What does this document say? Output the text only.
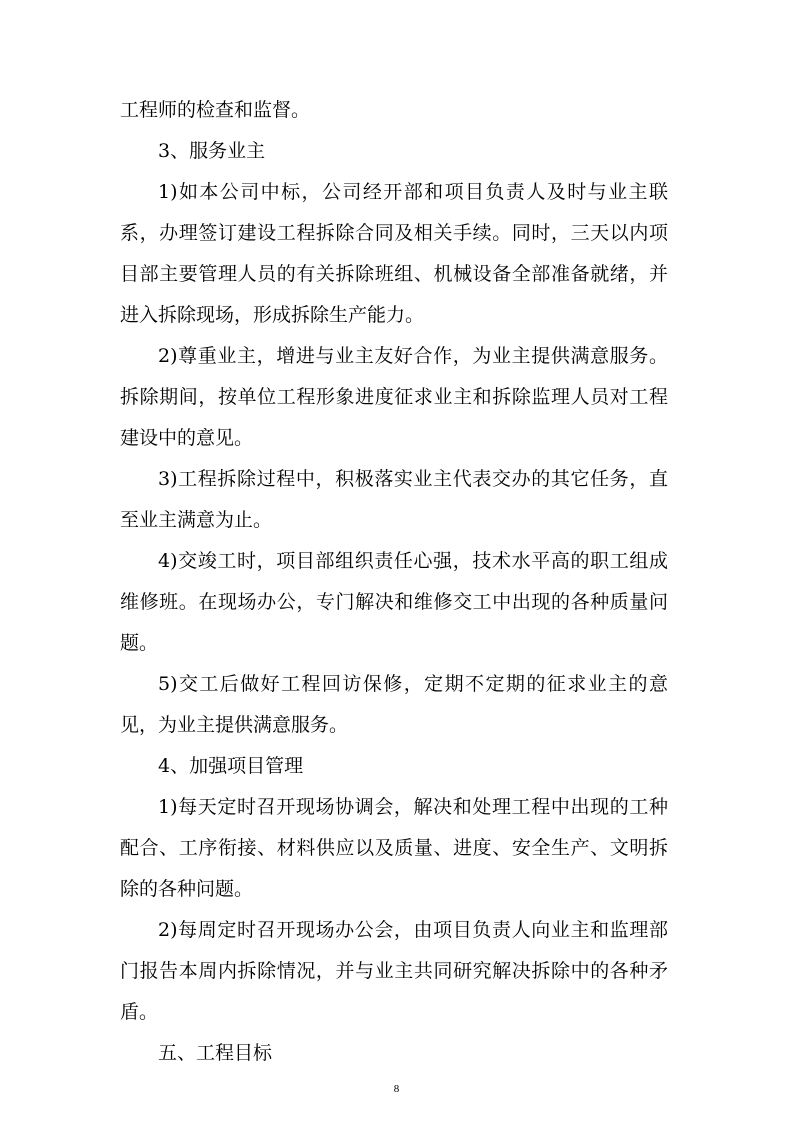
工程师的检查和监督。

3、服务业主

1)如本公司中标，公司经开部和项目负责人及时与业主联系，办理签订建设工程拆除合同及相关手续。同时，三天以内项目部主要管理人员的有关拆除班组、机械设备全部准备就绪，并进入拆除现场，形成拆除生产能力。

2)尊重业主，增进与业主友好合作，为业主提供满意服务。拆除期间，按单位工程形象进度征求业主和拆除监理人员对工程建设中的意见。

3)工程拆除过程中，积极落实业主代表交办的其它任务，直至业主满意为止。

4)交竣工时，项目部组织责任心强，技术水平高的职工组成维修班。在现场办公，专门解决和维修交工中出现的各种质量问题。

5)交工后做好工程回访保修，定期不定期的征求业主的意见，为业主提供满意服务。

4、加强项目管理

1)每天定时召开现场协调会，解决和处理工程中出现的工种配合、工序衔接、材料供应以及质量、进度、安全生产、文明拆除的各种问题。

2)每周定时召开现场办公会，由项目负责人向业主和监理部门报告本周内拆除情况，并与业主共同研究解决拆除中的各种矛盾。

五、工程目标

8
